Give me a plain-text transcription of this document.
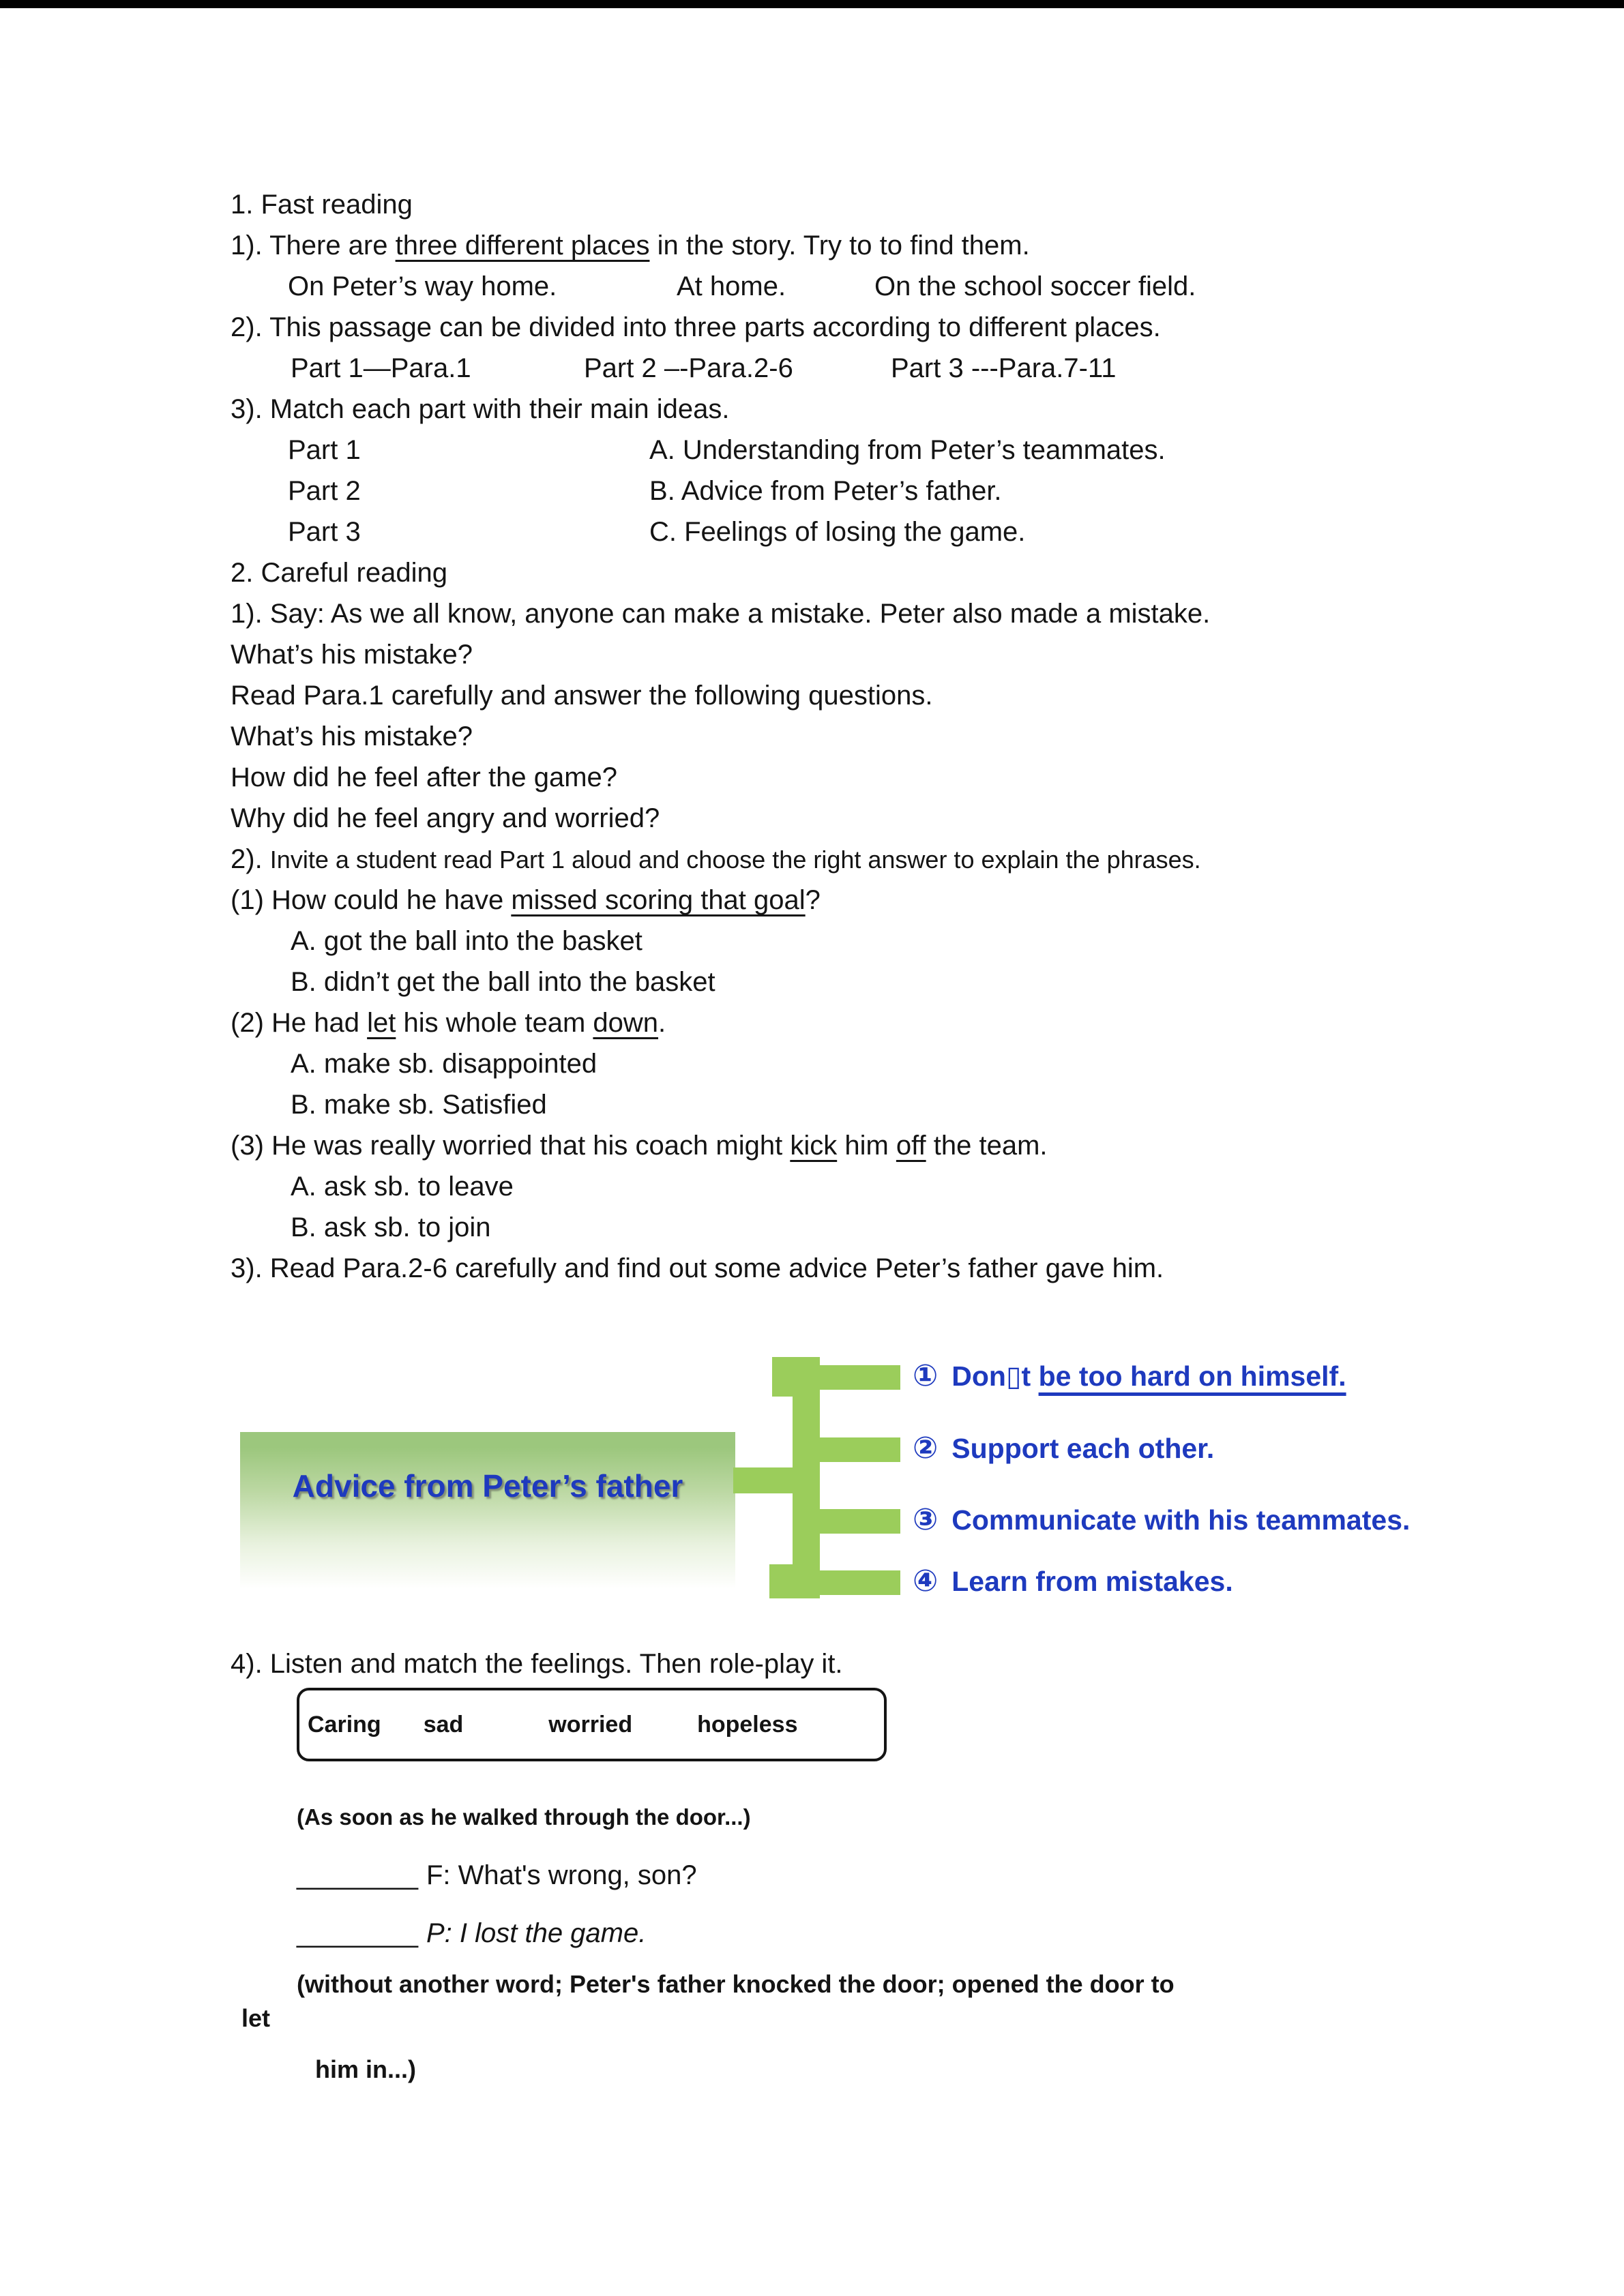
1. Fast reading
1). There are three different places in the story. Try to to find them.
On Peter’s way home.	At home.	On the school soccer field.
2). This passage can be divided into three parts according to different places.
Part 1—Para.1	Part 2 –-Para.2-6	Part 3 ---Para.7-11
3). Match each part with their main ideas.
Part 1	A. Understanding from Peter’s teammates.
Part 2	B. Advice from Peter’s father.
Part 3	C. Feelings of losing the game.
2. Careful reading
1). Say: As we all know, anyone can make a mistake. Peter also made a mistake.
What’s his mistake?
Read Para.1 carefully and answer the following questions.
What’s his mistake?
How did he feel after the game?
Why did he feel angry and worried?
2). Invite a student read Part 1 aloud and choose the right answer to explain the phrases.
(1) How could he have missed scoring that goal?
A. got the ball into the basket
B. didn’t get the ball into the basket
(2) He had let his whole team down.
A. make sb. disappointed
B. make sb. Satisfied
(3) He was really worried that his coach might kick him off the team.
A. ask sb. to leave
B. ask sb. to join
3). Read Para.2-6 carefully and find out some advice Peter’s father gave him.
Advice from Peter’s father
① Don▯t be too hard on himself.
② Support each other.
③ Communicate with his teammates.
④ Learn from mistakes.
4). Listen and match the feelings. Then role-play it.
Caring sad	worried	hopeless
(As soon as he walked through the door...)
________ F: What's wrong, son?
________ P: I lost the game.
(without another word; Peter's father knocked the door; opened the door to
let
him in...)
